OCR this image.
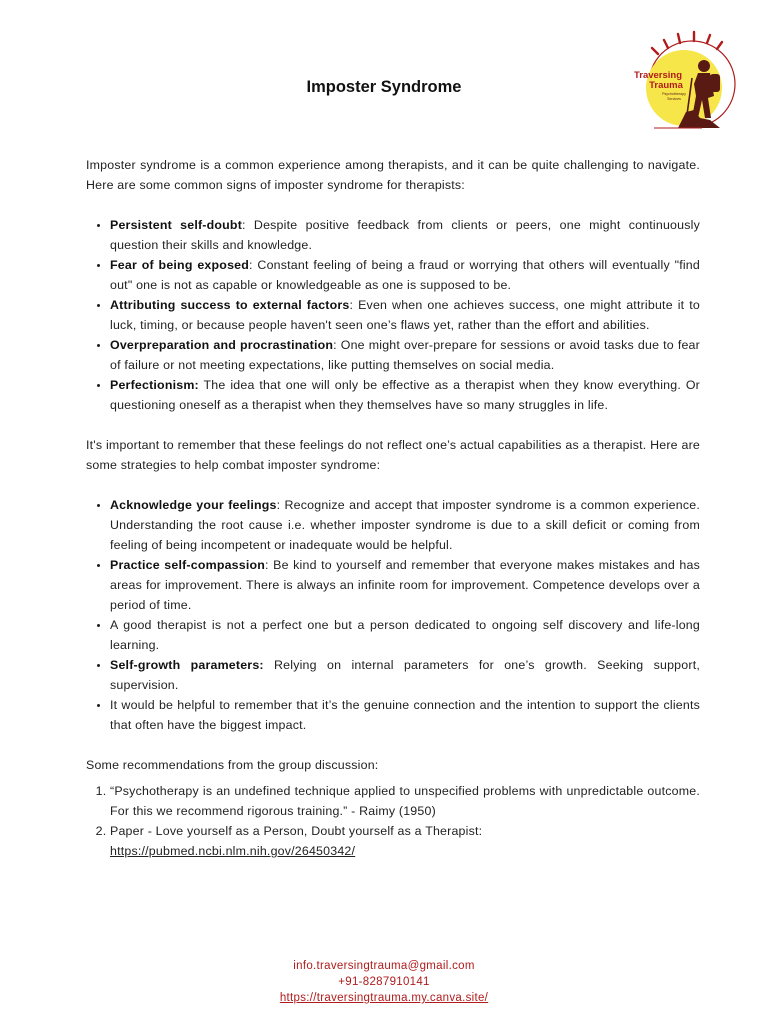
Traversing
Trauma
Psychotherapy
Services
Imposter Syndrome

Imposter syndrome is a common experience among therapists, and it can be quite challenging to navigate. Here are some common signs of imposter syndrome for therapists:

• Persistent self-doubt: Despite positive feedback from clients or peers, one might continuously question their skills and knowledge.
• Fear of being exposed: Constant feeling of being a fraud or worrying that others will eventually "find out" one is not as capable or knowledgeable as one is supposed to be.
• Attributing success to external factors: Even when one achieves success, one might attribute it to luck, timing, or because people haven't seen one’s flaws yet, rather than the effort and abilities.
• Overpreparation and procrastination: One might over-prepare for sessions or avoid tasks due to fear of failure or not meeting expectations, like putting themselves on social media.
• Perfectionism: The idea that one will only be effective as a therapist when they know everything. Or questioning oneself as a therapist when they themselves have so many struggles in life.

It's important to remember that these feelings do not reflect one’s actual capabilities as a therapist. Here are some strategies to help combat imposter syndrome:

• Acknowledge your feelings: Recognize and accept that imposter syndrome is a common experience. Understanding the root cause i.e. whether imposter syndrome is due to a skill deficit or coming from feeling of being incompetent or inadequate would be helpful.
• Practice self-compassion: Be kind to yourself and remember that everyone makes mistakes and has areas for improvement. There is always an infinite room for improvement. Competence develops over a period of time.
• A good therapist is not a perfect one but a person dedicated to ongoing self discovery and life-long learning.
• Self-growth parameters: Relying on internal parameters for one’s growth. Seeking support, supervision.
• It would be helpful to remember that it’s the genuine connection and the intention to support the clients that often have the biggest impact.

Some recommendations from the group discussion:

1. “Psychotherapy is an undefined technique applied to unspecified problems with unpredictable outcome. For this we recommend rigorous training.” - Raimy (1950)
2. Paper - Love yourself as a Person, Doubt yourself as a Therapist:
https://pubmed.ncbi.nlm.nih.gov/26450342/
info.traversingtrauma@gmail.com
+91-8287910141
https://traversingtrauma.my.canva.site/
